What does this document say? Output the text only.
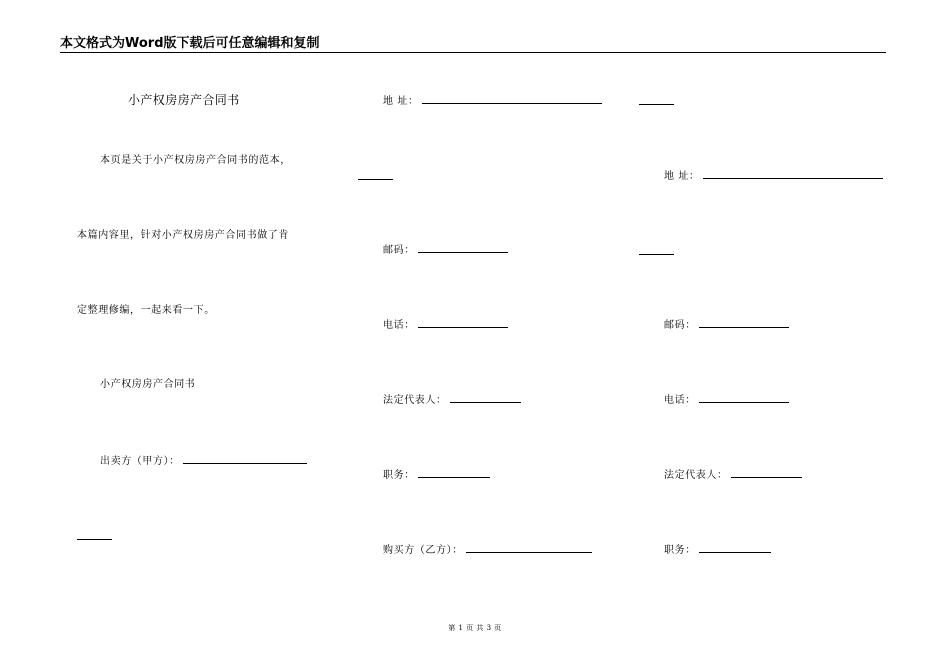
本文格式为Word版下载后可任意编辑和复制
小产权房房产合同书
本页是关于小产权房房产合同书的范本，
本篇内容里，针对小产权房房产合同书做了肯
定整理修编，一起来看一下。
小产权房房产合同书
出卖方（甲方）：
地 址：
邮码：
电话：
法定代表人：
职务：
购买方（乙方）：
地 址：
邮码：
电话：
法定代表人：
职务：
第 1 页 共 3 页
